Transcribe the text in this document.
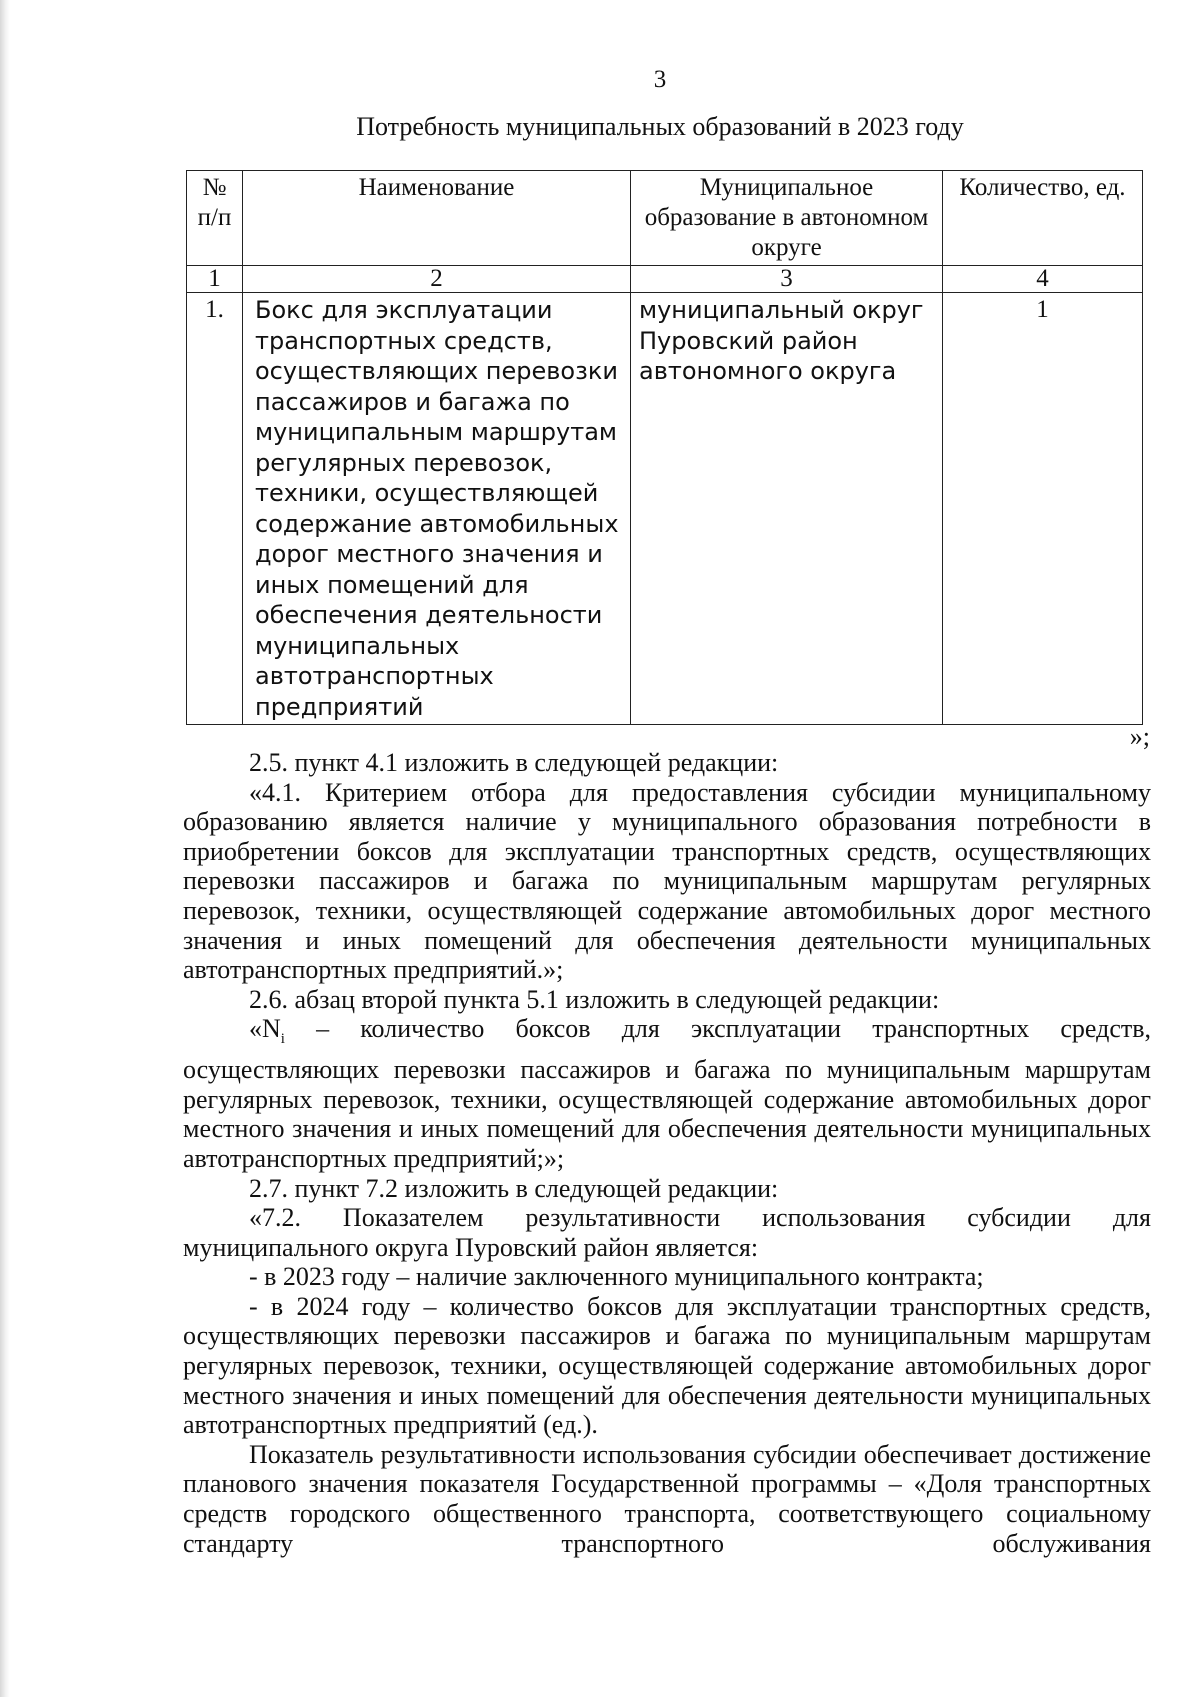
3
Потребность муниципальных образований в 2023 году
№ п/п	Наименование	Муниципальное образование в автономном округе	Количество, ед.
1	2	3	4
1.	Бокс для эксплуатации транспортных средств, осуществляющих перевозки пассажиров и багажа по муниципальным маршрутам регулярных перевозок, техники, осуществляющей содержание автомобильных дорог местного значения и иных помещений для обеспечения деятельности муниципальных автотранспортных предприятий	муниципальный округ Пуровский район автономного округа	1
»;

2.5. пункт 4.1 изложить в следующей редакции:

«4.1. Критерием отбора для предоставления субсидии муниципальному образованию является наличие у муниципального образования потребности в приобретении боксов для эксплуатации транспортных средств, осуществляющих перевозки пассажиров и багажа по муниципальным маршрутам регулярных перевозок, техники, осуществляющей содержание автомобильных дорог местного значения и иных помещений для обеспечения деятельности муниципальных автотранспортных предприятий.»;

2.6. абзац второй пункта 5.1 изложить в следующей редакции:

«$N_i$ – количество боксов для эксплуатации транспортных средств, осуществляющих перевозки пассажиров и багажа по муниципальным маршрутам регулярных перевозок, техники, осуществляющей содержание автомобильных дорог местного значения и иных помещений для обеспечения деятельности муниципальных автотранспортных предприятий;»;

2.7. пункт 7.2 изложить в следующей редакции:

«7.2. Показателем результативности использования субсидии для муниципального округа Пуровский район является:

- в 2023 году – наличие заключенного муниципального контракта;

- в 2024 году – количество боксов для эксплуатации транспортных средств, осуществляющих перевозки пассажиров и багажа по муниципальным маршрутам регулярных перевозок, техники, осуществляющей содержание автомобильных дорог местного значения и иных помещений для обеспечения деятельности муниципальных автотранспортных предприятий (ед.).

Показатель результативности использования субсидии обеспечивает достижение планового значения показателя Государственной программы – «Доля транспортных средств городского общественного транспорта, соответствующего социальному стандарту транспортного обслуживания
